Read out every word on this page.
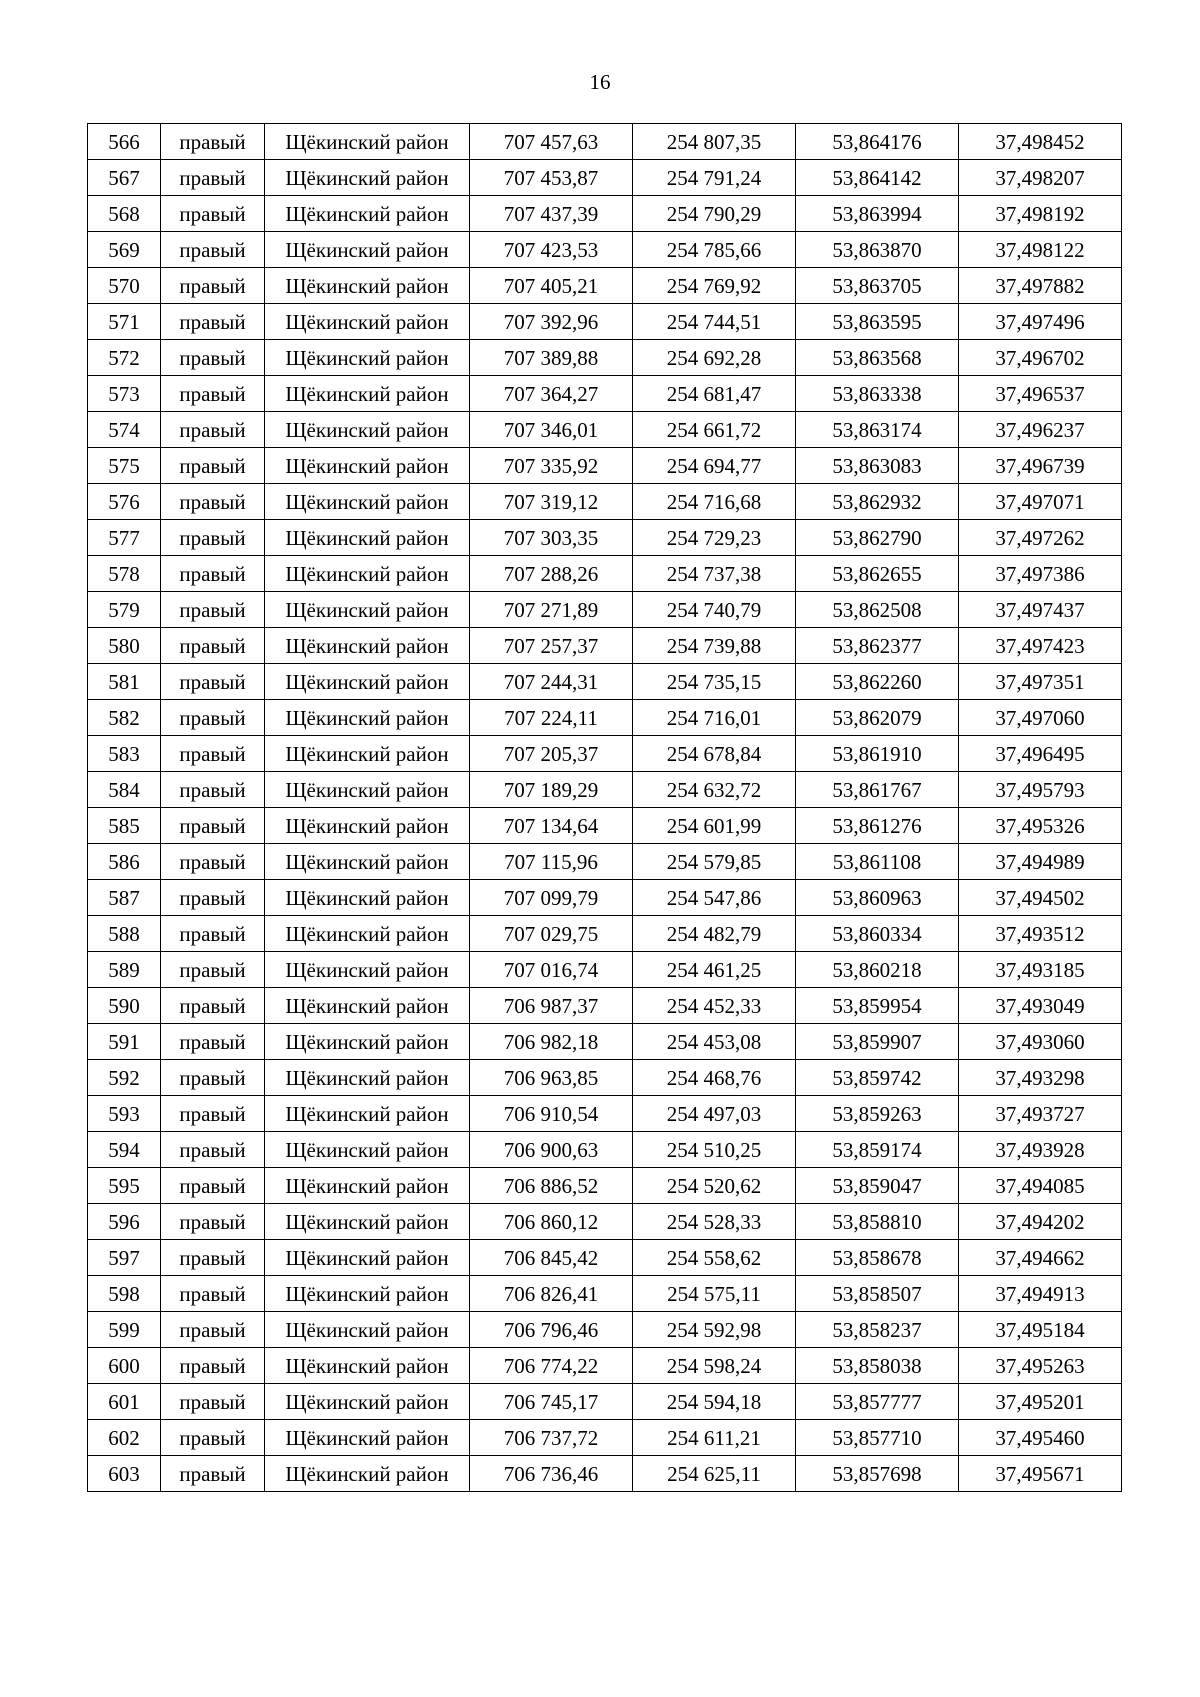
16
566	правый	Щёкинский район	707 457,63	254 807,35	53,864176	37,498452
567	правый	Щёкинский район	707 453,87	254 791,24	53,864142	37,498207
568	правый	Щёкинский район	707 437,39	254 790,29	53,863994	37,498192
569	правый	Щёкинский район	707 423,53	254 785,66	53,863870	37,498122
570	правый	Щёкинский район	707 405,21	254 769,92	53,863705	37,497882
571	правый	Щёкинский район	707 392,96	254 744,51	53,863595	37,497496
572	правый	Щёкинский район	707 389,88	254 692,28	53,863568	37,496702
573	правый	Щёкинский район	707 364,27	254 681,47	53,863338	37,496537
574	правый	Щёкинский район	707 346,01	254 661,72	53,863174	37,496237
575	правый	Щёкинский район	707 335,92	254 694,77	53,863083	37,496739
576	правый	Щёкинский район	707 319,12	254 716,68	53,862932	37,497071
577	правый	Щёкинский район	707 303,35	254 729,23	53,862790	37,497262
578	правый	Щёкинский район	707 288,26	254 737,38	53,862655	37,497386
579	правый	Щёкинский район	707 271,89	254 740,79	53,862508	37,497437
580	правый	Щёкинский район	707 257,37	254 739,88	53,862377	37,497423
581	правый	Щёкинский район	707 244,31	254 735,15	53,862260	37,497351
582	правый	Щёкинский район	707 224,11	254 716,01	53,862079	37,497060
583	правый	Щёкинский район	707 205,37	254 678,84	53,861910	37,496495
584	правый	Щёкинский район	707 189,29	254 632,72	53,861767	37,495793
585	правый	Щёкинский район	707 134,64	254 601,99	53,861276	37,495326
586	правый	Щёкинский район	707 115,96	254 579,85	53,861108	37,494989
587	правый	Щёкинский район	707 099,79	254 547,86	53,860963	37,494502
588	правый	Щёкинский район	707 029,75	254 482,79	53,860334	37,493512
589	правый	Щёкинский район	707 016,74	254 461,25	53,860218	37,493185
590	правый	Щёкинский район	706 987,37	254 452,33	53,859954	37,493049
591	правый	Щёкинский район	706 982,18	254 453,08	53,859907	37,493060
592	правый	Щёкинский район	706 963,85	254 468,76	53,859742	37,493298
593	правый	Щёкинский район	706 910,54	254 497,03	53,859263	37,493727
594	правый	Щёкинский район	706 900,63	254 510,25	53,859174	37,493928
595	правый	Щёкинский район	706 886,52	254 520,62	53,859047	37,494085
596	правый	Щёкинский район	706 860,12	254 528,33	53,858810	37,494202
597	правый	Щёкинский район	706 845,42	254 558,62	53,858678	37,494662
598	правый	Щёкинский район	706 826,41	254 575,11	53,858507	37,494913
599	правый	Щёкинский район	706 796,46	254 592,98	53,858237	37,495184
600	правый	Щёкинский район	706 774,22	254 598,24	53,858038	37,495263
601	правый	Щёкинский район	706 745,17	254 594,18	53,857777	37,495201
602	правый	Щёкинский район	706 737,72	254 611,21	53,857710	37,495460
603	правый	Щёкинский район	706 736,46	254 625,11	53,857698	37,495671
